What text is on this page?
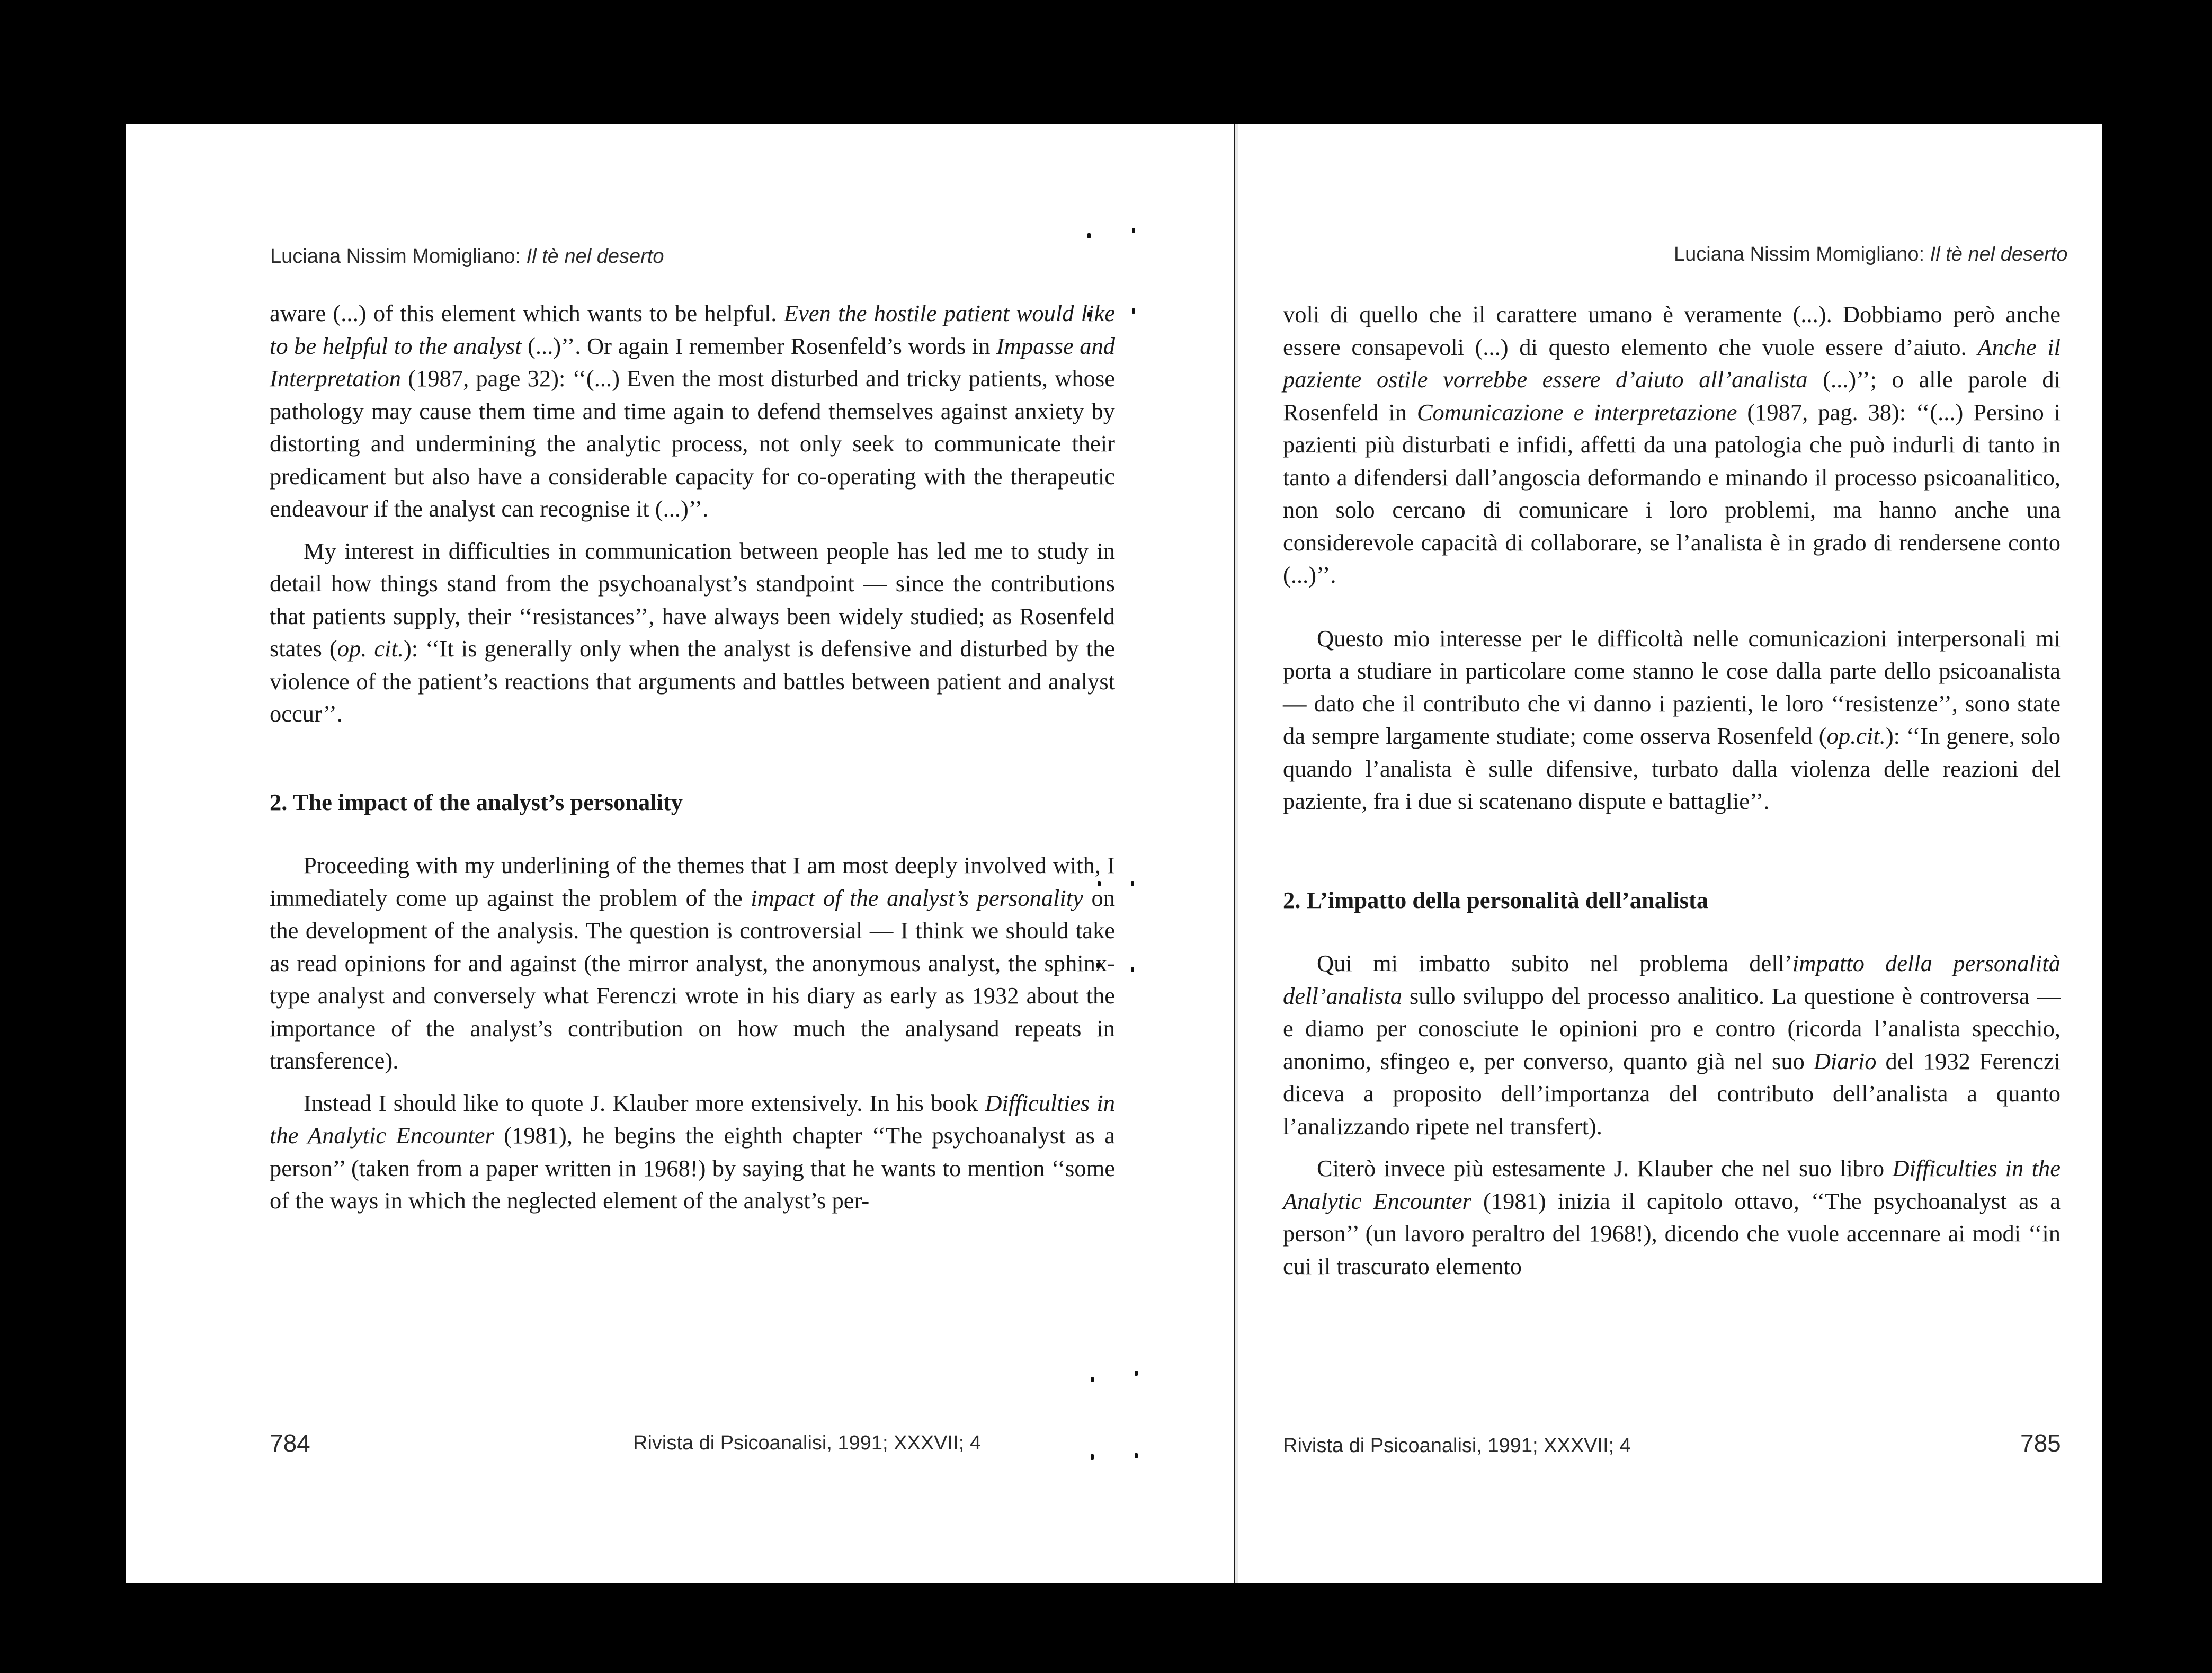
Luciana Nissim Momigliano: Il tè nel deserto

aware (...) of this element which wants to be helpful. Even the hostile patient would like to be helpful to the analyst (...)’’. Or again I remember Rosenfeld’s words in Impasse and Interpretation (1987, page 32): ‘‘(...) Even the most disturbed and tricky patients, whose pathology may cause them time and time again to defend themselves against anxiety by distorting and undermining the analytic process, not only seek to communicate their predicament but also have a considerable capacity for co-operating with the therapeutic endeavour if the analyst can recognise it (...)’’.

My interest in difficulties in communication between people has led me to study in detail how things stand from the psychoanalyst’s standpoint — since the contributions that patients supply, their ‘‘resistances’’, have always been widely studied; as Rosenfeld states (op. cit.): ‘‘It is generally only when the analyst is defensive and disturbed by the violence of the patient’s reactions that arguments and battles between patient and analyst occur’’.

2. The impact of the analyst’s personality

Proceeding with my underlining of the themes that I am most deeply involved with, I immediately come up against the problem of the impact of the analyst’s personality on the development of the analysis. The question is controversial — I think we should take as read opinions for and against (the mirror analyst, the anonymous analyst, the sphinx-type analyst and conversely what Ferenczi wrote in his diary as early as 1932 about the importance of the analyst’s contribution on how much the analysand repeats in transference).

Instead I should like to quote J. Klauber more extensively. In his book Difficulties in the Analytic Encounter (1981), he begins the eighth chapter ‘‘The psychoanalyst as a person’’ (taken from a paper written in 1968!) by saying that he wants to mention ‘‘some of the ways in which the neglected element of the analyst’s per-

784	Rivista di Psicoanalisi, 1991; XXXVII; 4
Luciana Nissim Momigliano: Il tè nel deserto

voli di quello che il carattere umano è veramente (...). Dobbiamo però anche essere consapevoli (...) di questo elemento che vuole essere d’aiuto. Anche il paziente ostile vorrebbe essere d’aiuto all’analista (...)’’; o alle parole di Rosenfeld in Comunicazione e interpretazione (1987, pag. 38): ‘‘(...) Persino i pazienti più disturbati e infidi, affetti da una patologia che può indurli di tanto in tanto a difendersi dall’angoscia deformando e minando il processo psicoanalitico, non solo cercano di comunicare i loro problemi, ma hanno anche una considerevole capacità di collaborare, se l’analista è in grado di rendersene conto (...)’’.

Questo mio interesse per le difficoltà nelle comunicazioni interpersonali mi porta a studiare in particolare come stanno le cose dalla parte dello psicoanalista — dato che il contributo che vi danno i pazienti, le loro ‘‘resistenze’’, sono state da sempre largamente studiate; come osserva Rosenfeld (op.cit.): ‘‘In genere, solo quando l’analista è sulle difensive, turbato dalla violenza delle reazioni del paziente, fra i due si scatenano dispute e battaglie’’.

2. L’impatto della personalità dell’analista

Qui mi imbatto subito nel problema dell’impatto della personalità dell’analista sullo sviluppo del processo analitico. La questione è controversa — e diamo per conosciute le opinioni pro e contro (ricorda l’analista specchio, anonimo, sfingeo e, per converso, quanto già nel suo Diario del 1932 Ferenczi diceva a proposito dell’importanza del contributo dell’analista a quanto l’analizzando ripete nel transfert).

Citerò invece più estesamente J. Klauber che nel suo libro Difficulties in the Analytic Encounter (1981) inizia il capitolo ottavo, ‘‘The psychoanalyst as a person’’ (un lavoro peraltro del 1968!), dicendo che vuole accennare ai modi ‘‘in cui il trascurato elemento

Rivista di Psicoanalisi, 1991; XXXVII; 4	785
